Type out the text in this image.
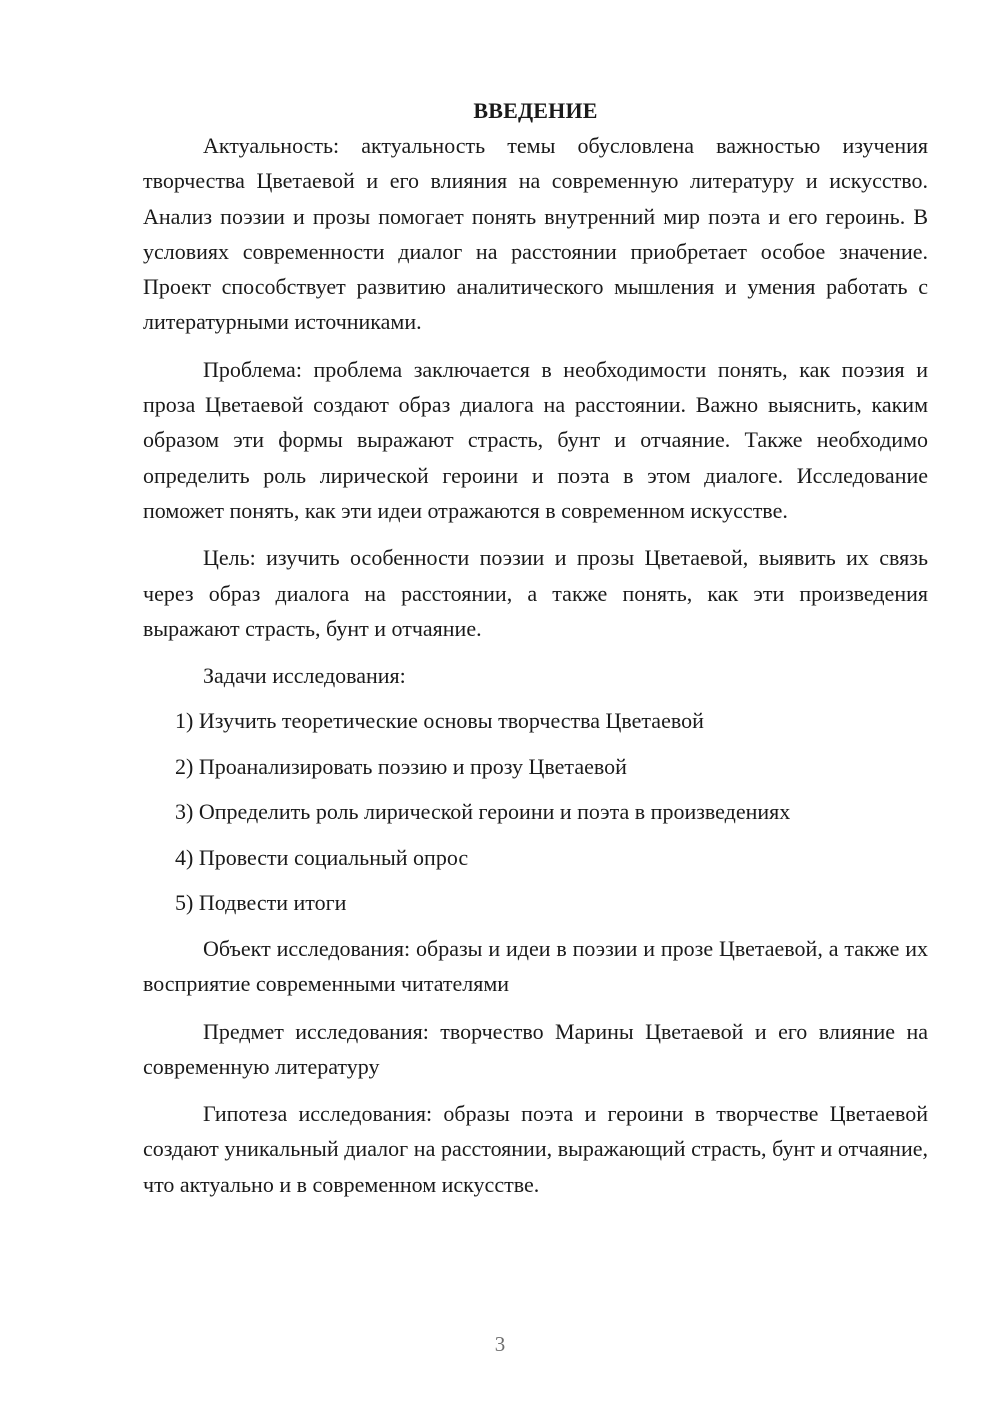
ВВЕДЕНИЕ

Актуальность: актуальность темы обусловлена важностью изучения творчества Цветаевой и его влияния на современную литературу и искусство. Анализ поэзии и прозы помогает понять внутренний мир поэта и его героинь. В условиях современности диалог на расстоянии приобретает особое значение. Проект способствует развитию аналитического мышления и умения работать с литературными источниками.

Проблема: проблема заключается в необходимости понять, как поэзия и проза Цветаевой создают образ диалога на расстоянии. Важно выяснить, каким образом эти формы выражают страсть, бунт и отчаяние. Также необходимо определить роль лирической героини и поэта в этом диалоге. Исследование поможет понять, как эти идеи отражаются в современном искусстве.

Цель: изучить особенности поэзии и прозы Цветаевой, выявить их связь через образ диалога на расстоянии, а также понять, как эти произведения выражают страсть, бунт и отчаяние.

Задачи исследования:

1) Изучить теоретические основы творчества Цветаевой
2) Проанализировать поэзию и прозу Цветаевой
3) Определить роль лирической героини и поэта в произведениях
4) Провести социальный опрос
5) Подвести итоги

Объект исследования: образы и идеи в поэзии и прозе Цветаевой, а также их восприятие современными читателями

Предмет исследования: творчество Марины Цветаевой и его влияние на современную литературу

Гипотеза исследования: образы поэта и героини в творчестве Цветаевой создают уникальный диалог на расстоянии, выражающий страсть, бунт и отчаяние, что актуально и в современном искусстве.

3
